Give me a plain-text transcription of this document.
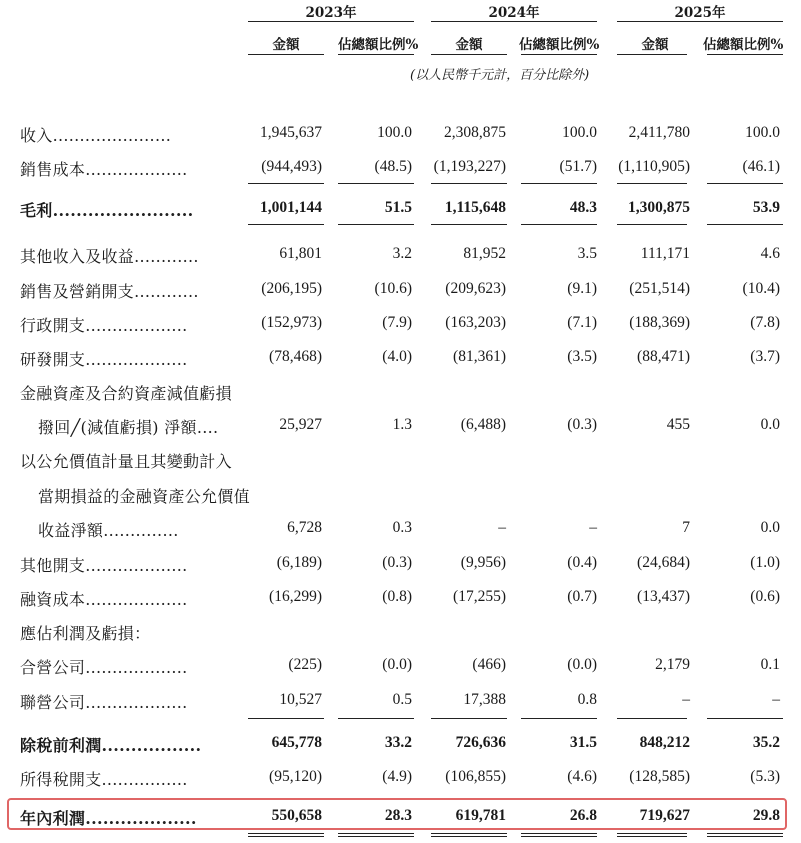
2023年	2024年	2025年
金額	佔總額比例%	金額	佔總額比例%	金額	佔總額比例%
(以人民幣千元計，百分比除外)
收入......................	1,945,637	100.0	2,308,875	100.0	2,411,780	100.0
銷售成本...................	(944,493)	(48.5)	(1,193,227)	(51.7)	(1,110,905)	(46.1)
毛利........................	1,001,144	51.5	1,115,648	48.3	1,300,875	53.9
其他收入及收益............	61,801	3.2	81,952	3.5	111,171	4.6
銷售及營銷開支............	(206,195)	(10.6)	(209,623)	(9.1)	(251,514)	(10.4)
行政開支...................	(152,973)	(7.9)	(163,203)	(7.1)	(188,369)	(7.8)
研發開支...................	(78,468)	(4.0)	(81,361)	(3.5)	(88,471)	(3.7)
金融資產及合約資產減值虧損
撥回╱(減值虧損) 淨額....	25,927	1.3	(6,488)	(0.3)	455	0.0
以公允價值計量且其變動計入
當期損益的金融資產公允價值
收益淨額..............	6,728	0.3	–	–	7	0.0
其他開支...................	(6,189)	(0.3)	(9,956)	(0.4)	(24,684)	(1.0)
融資成本...................	(16,299)	(0.8)	(17,255)	(0.7)	(13,437)	(0.6)
應佔利潤及虧損：
合營公司...................	(225)	(0.0)	(466)	(0.0)	2,179	0.1
聯營公司...................	10,527	0.5	17,388	0.8	–	–
除稅前利潤.................	645,778	33.2	726,636	31.5	848,212	35.2
所得稅開支................	(95,120)	(4.9)	(106,855)	(4.6)	(128,585)	(5.3)
年內利潤...................	550,658	28.3	619,781	26.8	719,627	29.8
